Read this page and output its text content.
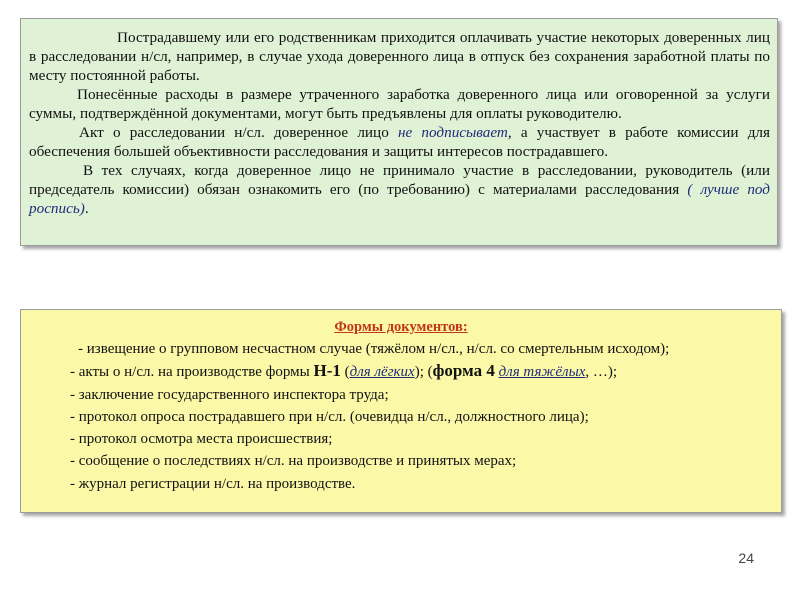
Пострадавшему или его родственникам приходится оплачивать участие некоторых доверенных лиц в расследовании н/сл, например, в случае ухода доверенного лица в отпуск без сохранения заработной платы по месту постоянной работы.

Понесённые расходы в размере утраченного заработка доверенного лица или оговоренной за услуги суммы, подтверждённой документами, могут быть предъявлены для оплаты руководителю.

Акт о расследовании н/сл. доверенное лицо не подписывает, а участвует в работе комиссии для обеспечения большей объективности расследования и защиты интересов пострадавшего.

В тех случаях, когда доверенное лицо не принимало участие в расследовании, руководитель (или председатель комиссии) обязан ознакомить его (по требованию) с материалами расследования ( лучше под роспись).

Формы документов:
- извещение о групповом несчастном случае (тяжёлом н/сл., н/сл. со смертельным исходом);
- акты о н/сл. на производстве формы Н-1 (для лёгких); (форма 4 для тяжёлых, …);
- заключение государственного инспектора труда;
- протокол опроса пострадавшего при н/сл. (очевидца н/сл., должностного лица);
- протокол осмотра места происшествия;
- сообщение о последствиях н/сл. на производстве и принятых мерах;
- журнал регистрации н/сл. на производстве.
24
